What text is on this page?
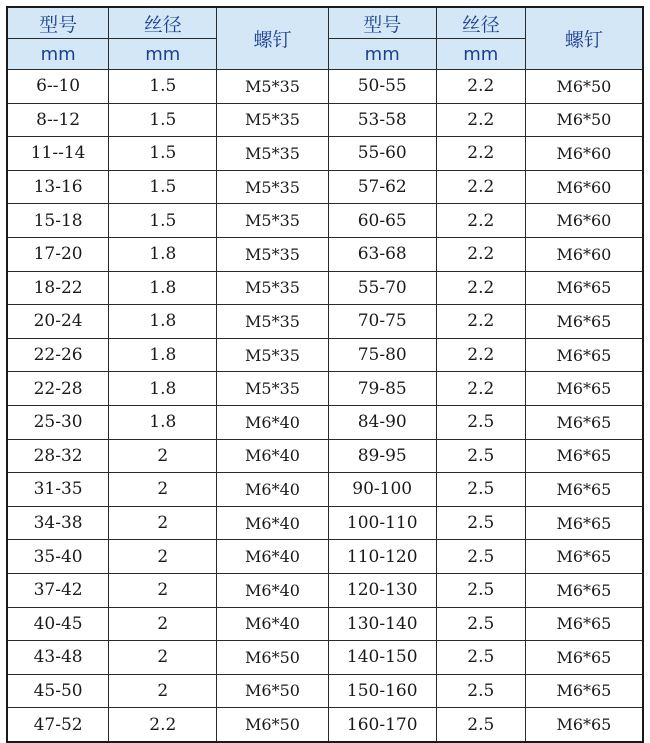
型号	丝径	螺钉	型号	丝径	螺钉
mm	mm		mm	mm	
6--10	1.5	M5*35	50-55	2.2	M6*50
8--12	1.5	M5*35	53-58	2.2	M6*50
11--14	1.5	M5*35	55-60	2.2	M6*60
13-16	1.5	M5*35	57-62	2.2	M6*60
15-18	1.5	M5*35	60-65	2.2	M6*60
17-20	1.8	M5*35	63-68	2.2	M6*60
18-22	1.8	M5*35	55-70	2.2	M6*65
20-24	1.8	M5*35	70-75	2.2	M6*65
22-26	1.8	M5*35	75-80	2.2	M6*65
22-28	1.8	M5*35	79-85	2.2	M6*65
25-30	1.8	M6*40	84-90	2.5	M6*65
28-32	2	M6*40	89-95	2.5	M6*65
31-35	2	M6*40	90-100	2.5	M6*65
34-38	2	M6*40	100-110	2.5	M6*65
35-40	2	M6*40	110-120	2.5	M6*65
37-42	2	M6*40	120-130	2.5	M6*65
40-45	2	M6*40	130-140	2.5	M6*65
43-48	2	M6*50	140-150	2.5	M6*65
45-50	2	M6*50	150-160	2.5	M6*65
47-52	2.2	M6*50	160-170	2.5	M6*65
